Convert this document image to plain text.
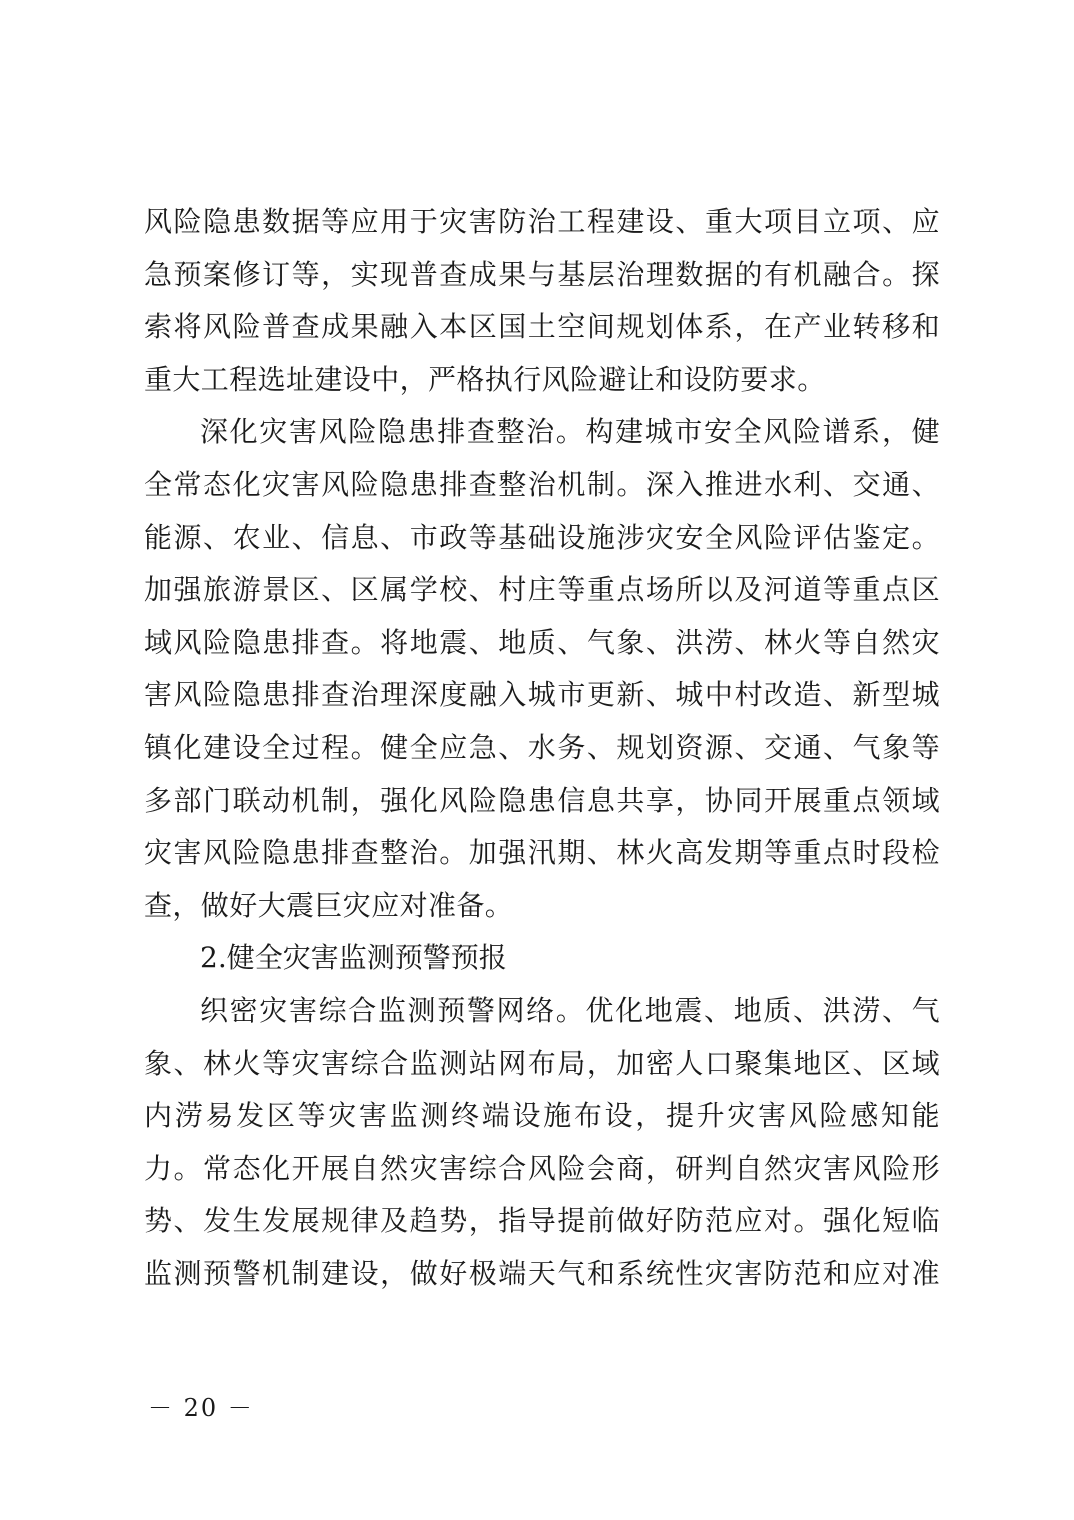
风险隐患数据等应用于灾害防治工程建设、重大项目立项、应
急预案修订等，实现普查成果与基层治理数据的有机融合。探
索将风险普查成果融入本区国土空间规划体系，在产业转移和
重大工程选址建设中，严格执行风险避让和设防要求。
深化灾害风险隐患排查整治。构建城市安全风险谱系，健
全常态化灾害风险隐患排查整治机制。深入推进水利、交通、
能源、农业、信息、市政等基础设施涉灾安全风险评估鉴定。
加强旅游景区、区属学校、村庄等重点场所以及河道等重点区
域风险隐患排查。将地震、地质、气象、洪涝、林火等自然灾
害风险隐患排查治理深度融入城市更新、城中村改造、新型城
镇化建设全过程。健全应急、水务、规划资源、交通、气象等
多部门联动机制，强化风险隐患信息共享，协同开展重点领域
灾害风险隐患排查整治。加强汛期、林火高发期等重点时段检
查，做好大震巨灾应对准备。
2.健全灾害监测预警预报
织密灾害综合监测预警网络。优化地震、地质、洪涝、气
象、林火等灾害综合监测站网布局，加密人口聚集地区、区域
内涝易发区等灾害监测终端设施布设，提升灾害风险感知能
力。常态化开展自然灾害综合风险会商，研判自然灾害风险形
势、发生发展规律及趋势，指导提前做好防范应对。强化短临
监测预警机制建设，做好极端天气和系统性灾害防范和应对准
－ 20 －
